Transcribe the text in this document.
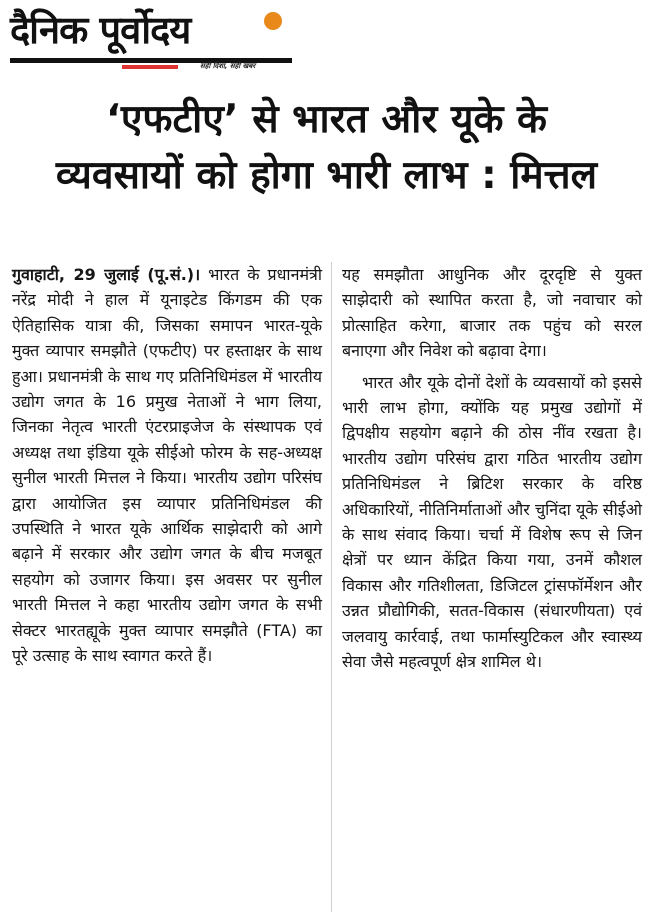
दैनिक पूर्वोदय
सही दिशा, सही खबर
‘एफटीए’ से भारत और यूके के
व्यवसायों को होगा भारी लाभ : मित्तल

गुवाहाटी, 29 जुलाई (पू.सं.)। भारत के प्रधानमंत्री नरेंद्र मोदी ने हाल में यूनाइटेड किंगडम की एक ऐतिहासिक यात्रा की, जिसका समापन भारत-यूके मुक्त व्यापार समझौते (एफटीए) पर हस्ताक्षर के साथ हुआ। प्रधानमंत्री के साथ गए प्रतिनिधिमंडल में भारतीय उद्योग जगत के 16 प्रमुख नेताओं ने भाग लिया, जिनका नेतृत्व भारती एंटरप्राइजेज के संस्थापक एवं अध्यक्ष तथा इंडिया यूके सीईओ फोरम के सह-अध्यक्ष सुनील भारती मित्तल ने किया। भारतीय उद्योग परिसंघ द्वारा आयोजित इस व्यापार प्रतिनिधिमंडल की उपस्थिति ने भारत यूके आर्थिक साझेदारी को आगे बढ़ाने में सरकार और उद्योग जगत के बीच मजबूत सहयोग को उजागर किया। इस अवसर पर सुनील भारती मित्तल ने कहा भारतीय उद्योग जगत के सभी सेक्टर भारतह्यूके मुक्त व्यापार समझौते (FTA) का पूरे उत्साह के साथ स्वागत करते हैं।

यह समझौता आधुनिक और दूरदृष्टि से युक्त साझेदारी को स्थापित करता है, जो नवाचार को प्रोत्साहित करेगा, बाजार तक पहुंच को सरल बनाएगा और निवेश को बढ़ावा देगा।

भारत और यूके दोनों देशों के व्यवसायों को इससे भारी लाभ होगा, क्योंकि यह प्रमुख उद्योगों में द्विपक्षीय सहयोग बढ़ाने की ठोस नींव रखता है। भारतीय उद्योग परिसंघ द्वारा गठित भारतीय उद्योग प्रतिनिधिमंडल ने ब्रिटिश सरकार के वरिष्ठ अधिकारियों, नीतिनिर्माताओं और चुनिंदा यूके सीईओ के साथ संवाद किया। चर्चा में विशेष रूप से जिन क्षेत्रों पर ध्यान केंद्रित किया गया, उनमें कौशल विकास और गतिशीलता, डिजिटल ट्रांसफॉर्मेशन और उन्नत प्रौद्योगिकी, सतत-विकास (संधारणीयता) एवं जलवायु कार्रवाई, तथा फार्मास्युटिकल और स्वास्थ्य सेवा जैसे महत्वपूर्ण क्षेत्र शामिल थे।
